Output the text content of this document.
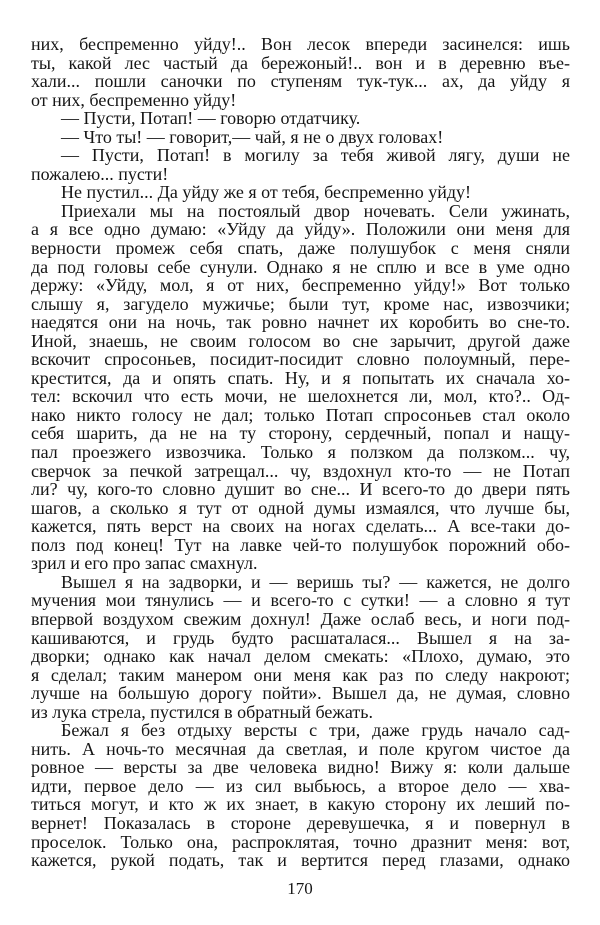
них, беспременно уйду!.. Вон лесок впереди засинелся: ишь
ты, какой лес частый да бережоный!.. вон и в деревню въе-
хали... пошли саночки по ступеням тук-тук... ах, да уйду я
от них, беспременно уйду!
— Пусти, Потап! — говорю отдатчику.
— Что ты! — говорит,— чай, я не о двух головах!
— Пусти, Потап! в могилу за тебя живой лягу, души не
пожалею... пусти!
Не пустил... Да уйду же я от тебя, беспременно уйду!
Приехали мы на постоялый двор ночевать. Сели ужинать,
а я все одно думаю: «Уйду да уйду». Положили они меня для
верности промеж себя спать, даже полушубок с меня сняли
да под головы себе сунули. Однако я не сплю и все в уме одно
держу: «Уйду, мол, я от них, беспременно уйду!» Вот только
слышу я, загудело мужичье; были тут, кроме нас, извозчики;
наедятся они на ночь, так ровно начнет их коробить во сне-то.
Иной, знаешь, не своим голосом во сне зарычит, другой даже
вскочит спросоньев, посидит-посидит словно полоумный, пере-
крестится, да и опять спать. Ну, и я попытать их сначала хо-
тел: вскочил что есть мочи, не шелохнется ли, мол, кто?.. Од-
нако никто голосу не дал; только Потап спросоньев стал около
себя шарить, да не на ту сторону, сердечный, попал и нащу-
пал проезжего извозчика. Только я ползком да ползком... чу,
сверчок за печкой затрещал... чу, вздохнул кто-то — не Потап
ли? чу, кого-то словно душит во сне... И всего-то до двери пять
шагов, а сколько я тут от одной думы измаялся, что лучше бы,
кажется, пять верст на своих на ногах сделать... А все-таки до-
полз под конец! Тут на лавке чей-то полушубок порожний обо-
зрил и его про запас смахнул.
Вышел я на задворки, и — веришь ты? — кажется, не долго
мучения мои тянулись — и всего-то с сутки! — а словно я тут
впервой воздухом свежим дохнул! Даже ослаб весь, и ноги под-
кашиваются, и грудь будто расшаталася... Вышел я на за-
дворки; однако как начал делом смекать: «Плохо, думаю, это
я сделал; таким манером они меня как раз по следу накроют;
лучше на большую дорогу пойти». Вышел да, не думая, словно
из лука стрела, пустился в обратный бежать.
Бежал я без отдыху версты с три, даже грудь начало сад-
нить. А ночь-то месячная да светлая, и поле кругом чистое да
ровное — версты за две человека видно! Вижу я: коли дальше
идти, первое дело — из сил выбьюсь, а второе дело — хва-
титься могут, и кто ж их знает, в какую сторону их леший по-
вернет! Показалась в стороне деревушечка, я и повернул в
проселок. Только она, распроклятая, точно дразнит меня: вот,
кажется, рукой подать, так и вертится перед глазами, однако
170
